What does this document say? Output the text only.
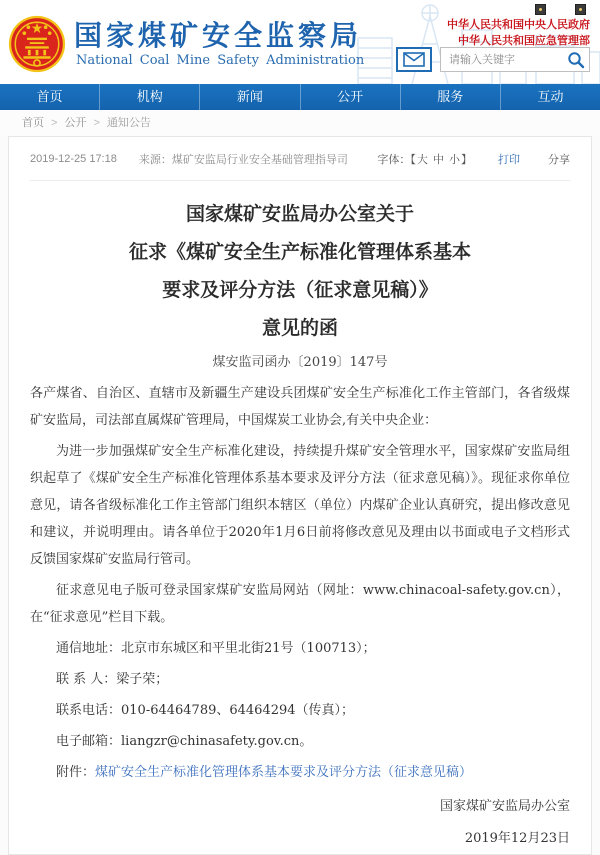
国家煤矿安全监察局
National Coal Mine Safety Administration
中华人民共和国中央人民政府
中华人民共和国应急管理部
请输入关键字
首页	机构	新闻	公开	服务	互动
首页 > 公开 > 通知公告
2019-12-25 17:18 来源：煤矿安监局行业安全基础管理指导司	字体：【大 中 小】 打印	分享
国家煤矿安监局办公室关于
征求《煤矿安全生产标准化管理体系基本
要求及评分方法（征求意见稿）》
意见的函
煤安监司函办〔2019〕147号

各产煤省、自治区、直辖市及新疆生产建设兵团煤矿安全生产标准化工作主管部门，各省级煤矿安监局，司法部直属煤矿管理局，中国煤炭工业协会,有关中央企业：

为进一步加强煤矿安全生产标准化建设，持续提升煤矿安全管理水平，国家煤矿安监局组织起草了《煤矿安全生产标准化管理体系基本要求及评分方法（征求意见稿）》。现征求你单位意见，请各省级标准化工作主管部门组织本辖区（单位）内煤矿企业认真研究，提出修改意见和建议，并说明理由。请各单位于2020年1月6日前将修改意见及理由以书面或电子文档形式反馈国家煤矿安监局行管司。

征求意见电子版可登录国家煤矿安监局网站（网址：www.chinacoal-safety.gov.cn），在“征求意见”栏目下载。

通信地址：北京市东城区和平里北街21号（100713）；

联 系 人：梁子荣；

联系电话：010-64464789、64464294（传真）；

电子邮箱：liangzr@chinasafety.gov.cn。

附件：煤矿安全生产标准化管理体系基本要求及评分方法（征求意见稿）

国家煤矿安监局办公室
2019年12月23日
